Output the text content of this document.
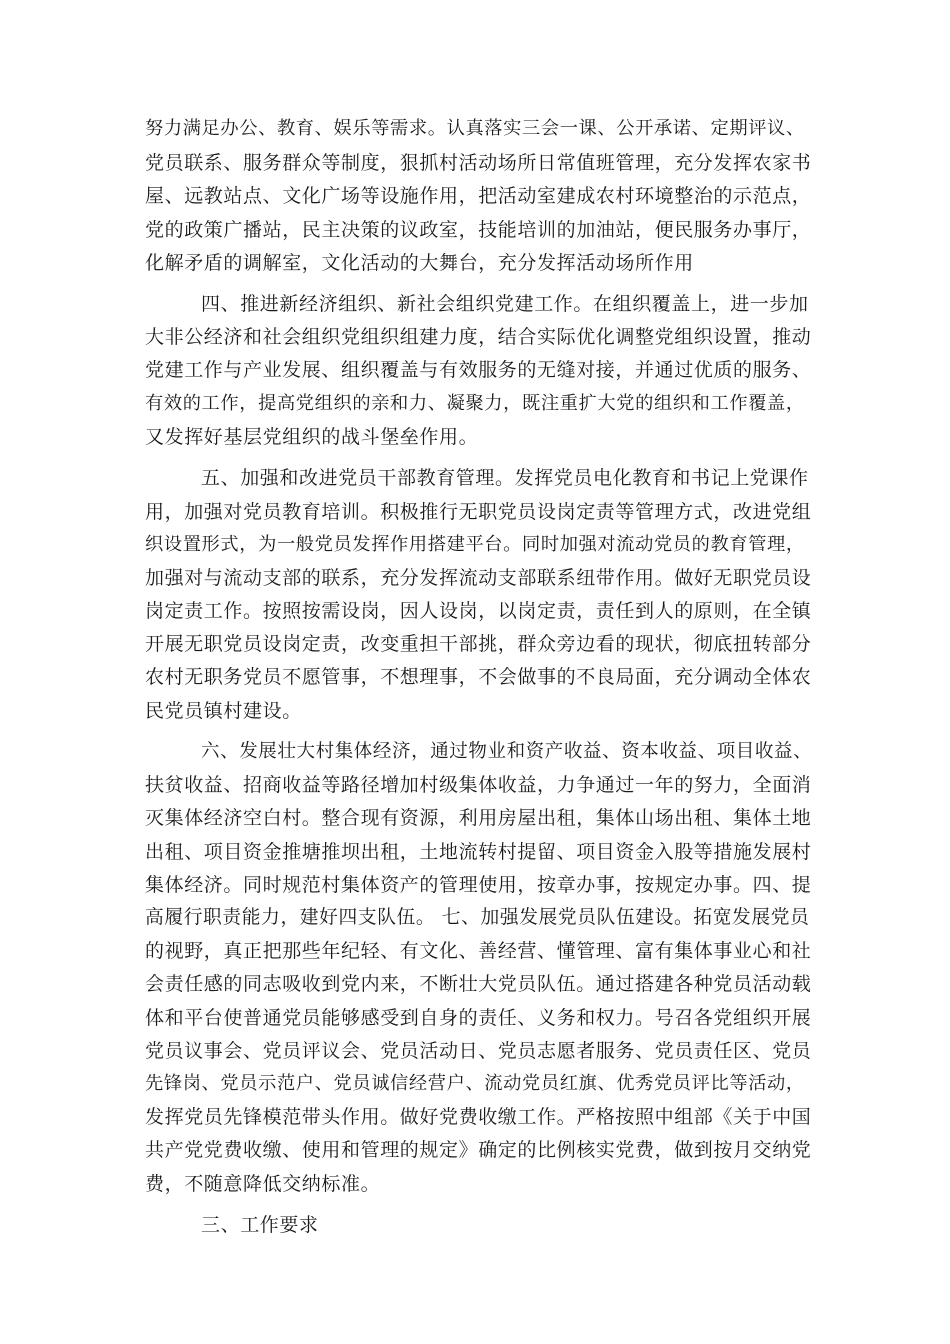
努力满足办公、教育、娱乐等需求。认真落实三会一课、公开承诺、定期评议、
党员联系、服务群众等制度，狠抓村活动场所日常值班管理，充分发挥农家书
屋、远教站点、文化广场等设施作用，把活动室建成农村环境整治的示范点，
党的政策广播站，民主决策的议政室，技能培训的加油站，便民服务办事厅，
化解矛盾的调解室，文化活动的大舞台，充分发挥活动场所作用
四、推进新经济组织、新社会组织党建工作。在组织覆盖上，进一步加
大非公经济和社会组织党组织组建力度，结合实际优化调整党组织设置，推动
党建工作与产业发展、组织覆盖与有效服务的无缝对接，并通过优质的服务、
有效的工作，提高党组织的亲和力、凝聚力，既注重扩大党的组织和工作覆盖，
又发挥好基层党组织的战斗堡垒作用。
五、加强和改进党员干部教育管理。发挥党员电化教育和书记上党课作
用，加强对党员教育培训。积极推行无职党员设岗定责等管理方式，改进党组
织设置形式，为一般党员发挥作用搭建平台。同时加强对流动党员的教育管理，
加强对与流动支部的联系，充分发挥流动支部联系纽带作用。做好无职党员设
岗定责工作。按照按需设岗，因人设岗，以岗定责，责任到人的原则，在全镇
开展无职党员设岗定责，改变重担干部挑，群众旁边看的现状，彻底扭转部分
农村无职务党员不愿管事，不想理事，不会做事的不良局面，充分调动全体农
民党员镇村建设。
六、发展壮大村集体经济，通过物业和资产收益、资本收益、项目收益、
扶贫收益、招商收益等路径增加村级集体收益，力争通过一年的努力，全面消
灭集体经济空白村。整合现有资源，利用房屋出租，集体山场出租、集体土地
出租、项目资金推塘推坝出租，土地流转村提留、项目资金入股等措施发展村
集体经济。同时规范村集体资产的管理使用，按章办事，按规定办事。四、提
高履行职责能力，建好四支队伍。 七、加强发展党员队伍建设。拓宽发展党员
的视野，真正把那些年纪轻、有文化、善经营、懂管理、富有集体事业心和社
会责任感的同志吸收到党内来，不断壮大党员队伍。通过搭建各种党员活动载
体和平台使普通党员能够感受到自身的责任、义务和权力。号召各党组织开展
党员议事会、党员评议会、党员活动日、党员志愿者服务、党员责任区、党员
先锋岗、党员示范户、党员诚信经营户、流动党员红旗、优秀党员评比等活动，
发挥党员先锋模范带头作用。做好党费收缴工作。严格按照中组部《关于中国
共产党党费收缴、使用和管理的规定》确定的比例核实党费，做到按月交纳党
费，不随意降低交纳标准。
三、工作要求
